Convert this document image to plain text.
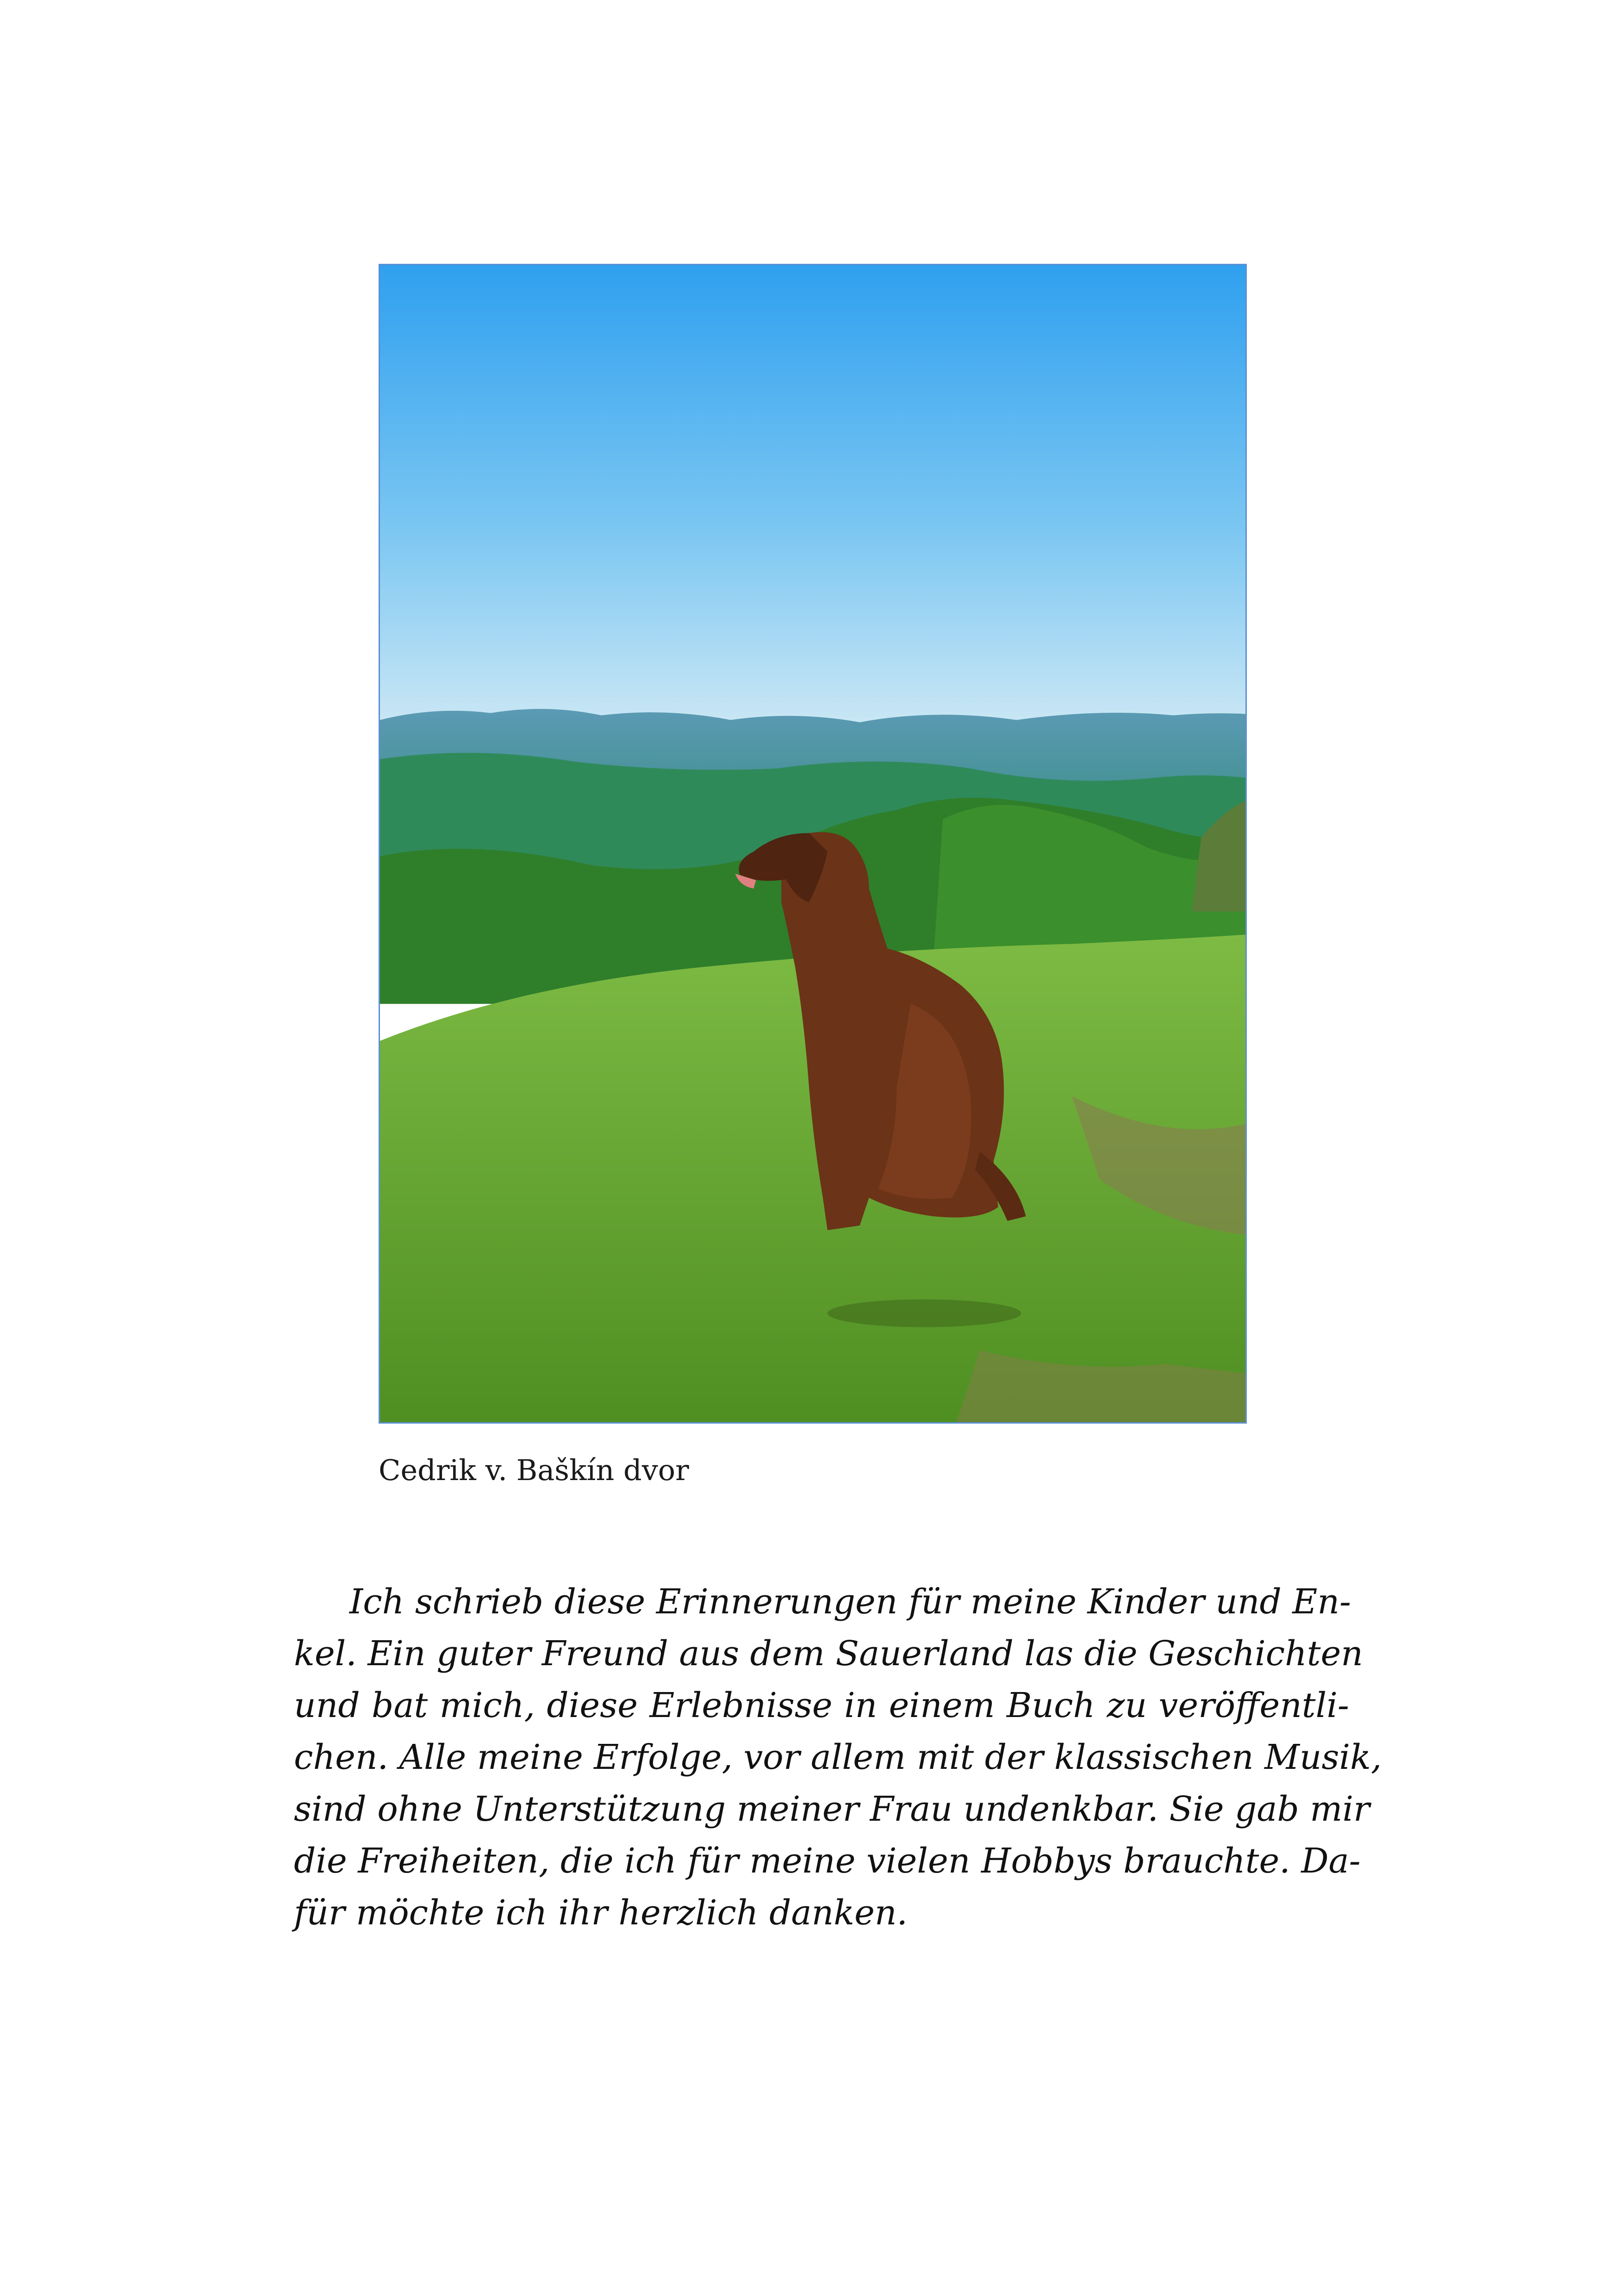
Cedrik v. Baškín dvor

Ich schrieb diese Erinnerungen für meine Kinder und En-
kel. Ein guter Freund aus dem Sauerland las die Geschichten
und bat mich, diese Erlebnisse in einem Buch zu veröffentli-
chen. Alle meine Erfolge, vor allem mit der klassischen Musik,
sind ohne Unterstützung meiner Frau undenkbar. Sie gab mir
die Freiheiten, die ich für meine vielen Hobbys brauchte. Da-
für möchte ich ihr herzlich danken.
